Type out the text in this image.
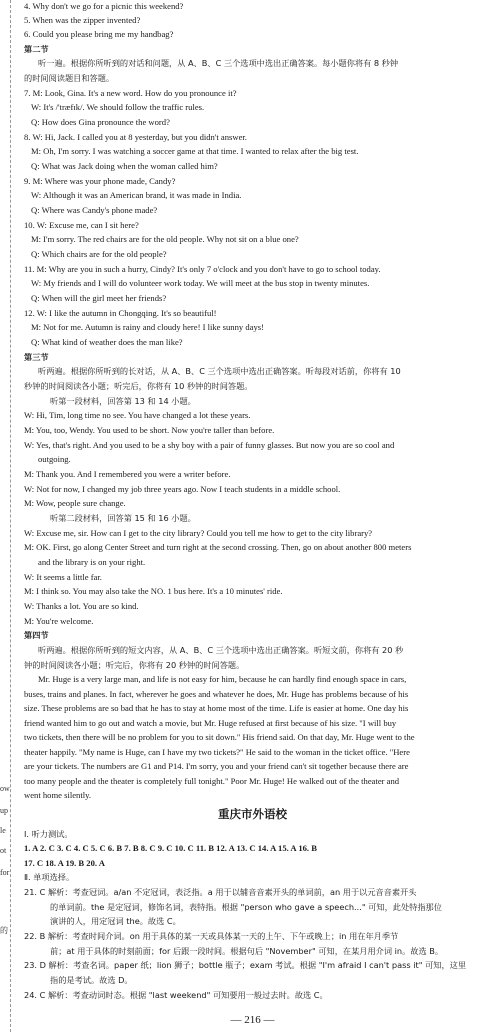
ow
up
le
ot
for
的
4. Why don't we go for a picnic this weekend?
5. When was the zipper invented?
6. Could you please bring me my handbag?
第二节
听一遍。根据你所听到的对话和问题，从 A、B、C 三个选项中选出正确答案。每小题你将有 8 秒钟
的时间阅读题目和答题。
7. M: Look, Gina. It's a new word. How do you pronounce it?
W: It's /'træfɪk/. We should follow the traffic rules.
Q: How does Gina pronounce the word?
8. W: Hi, Jack. I called you at 8 yesterday, but you didn't answer.
M: Oh, I'm sorry. I was watching a soccer game at that time. I wanted to relax after the big test.
Q: What was Jack doing when the woman called him?
9. M: Where was your phone made, Candy?
W: Although it was an American brand, it was made in India.
Q: Where was Candy's phone made?
10. W: Excuse me, can I sit here?
M: I'm sorry. The red chairs are for the old people. Why not sit on a blue one?
Q: Which chairs are for the old people?
11. M: Why are you in such a hurry, Cindy? It's only 7 o'clock and you don't have to go to school today.
W: My friends and I will do volunteer work today. We will meet at the bus stop in twenty minutes.
Q: When will the girl meet her friends?
12. W: I like the autumn in Chongqing. It's so beautiful!
M: Not for me. Autumn is rainy and cloudy here! I like sunny days!
Q: What kind of weather does the man like?
第三节
听两遍。根据你所听到的长对话，从 A、B、C 三个选项中选出正确答案。听每段对话前，你将有 10
秒钟的时间阅读各小题；听完后，你将有 10 秒钟的时间答题。
听第一段材料，回答第 13 和 14 小题。
W: Hi, Tim, long time no see. You have changed a lot these years.
M: You, too, Wendy. You used to be short. Now you're taller than before.
W: Yes, that's right. And you used to be a shy boy with a pair of funny glasses. But now you are so cool and
outgoing.
M: Thank you. And I remembered you were a writer before.
W: Not for now, I changed my job three years ago. Now I teach students in a middle school.
M: Wow, people sure change.
听第二段材料，回答第 15 和 16 小题。
W: Excuse me, sir. How can I get to the city library? Could you tell me how to get to the city library?
M: OK. First, go along Center Street and turn right at the second crossing. Then, go on about another 800 meters
and the library is on your right.
W: It seems a little far.
M: I think so. You may also take the NO. 1 bus here. It's a 10 minutes' ride.
W: Thanks a lot. You are so kind.
M: You're welcome.
第四节
听两遍。根据你所听到的短文内容，从 A、B、C 三个选项中选出正确答案。听短文前，你将有 20 秒
钟的时间阅读各小题；听完后，你将有 20 秒钟的时间答题。
Mr. Huge is a very large man, and life is not easy for him, because he can hardly find enough space in cars,
buses, trains and planes. In fact, wherever he goes and whatever he does, Mr. Huge has problems because of his
size. These problems are so bad that he has to stay at home most of the time. Life is easier at home. One day his
friend wanted him to go out and watch a movie, but Mr. Huge refused at first because of his size. "I will buy
two tickets, then there will be no problem for you to sit down." His friend said. On that day, Mr. Huge went to the
theater happily. "My name is Huge, can I have my two tickets?" He said to the woman in the ticket office. "Here
are your tickets. The numbers are G1 and P14. I'm sorry, you and your friend can't sit together because there are
too many people and the theater is completely full tonight." Poor Mr. Huge! He walked out of the theater and
went home silently.
重庆市外语校
Ⅰ. 听力测试。
1. A 2. C 3. C 4. C 5. C 6. B 7. B 8. C 9. C 10. C 11. B 12. A 13. C 14. A 15. A 16. B
17. C 18. A 19. B 20. A
Ⅱ. 单项选择。
21. C 解析：考查冠词。a/an 不定冠词，表泛指。a 用于以辅音音素开头的单词前，an 用于以元音音素开头
的单词前。the 是定冠词，修饰名词，表特指。根据 "person who gave a speech..." 可知，此处特指那位
演讲的人，用定冠词 the。故选 C。
22. B 解析：考查时间介词。on 用于具体的某一天或具体某一天的上午、下午或晚上；in 用在年月季节
前；at 用于具体的时刻前面；for 后跟一段时间。根据句后 "November" 可知，在某月用介词 in。故选 B。
23. D 解析：考查名词。paper 纸；lion 狮子；bottle 瓶子；exam 考试。根据 "I'm afraid I can't pass it" 可知，这里
指的是考试。故选 D。
24. C 解析：考查动词时态。根据 "last weekend" 可知要用一般过去时。故选 C。
— 216 —
